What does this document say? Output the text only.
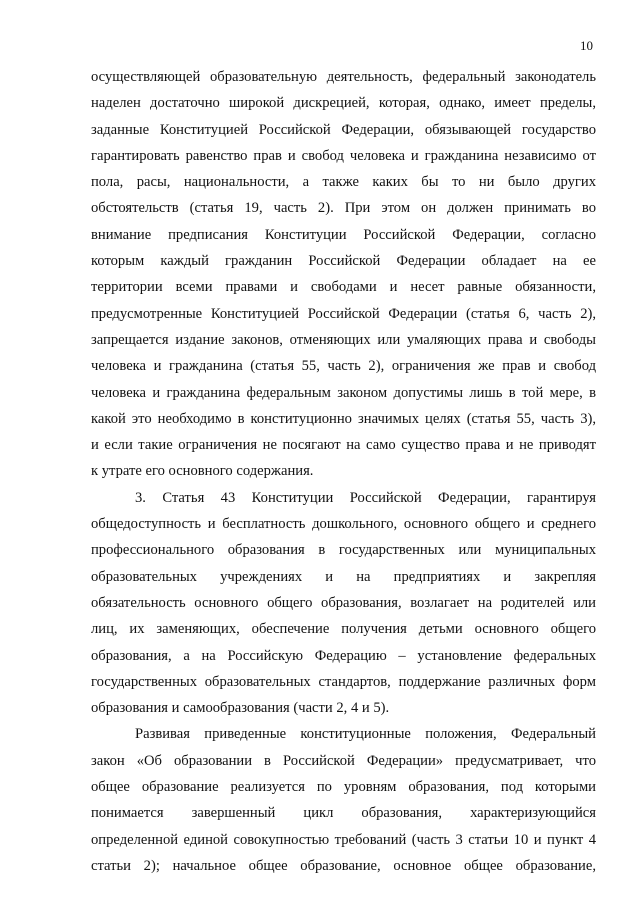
10
осуществляющей образовательную деятельность, федеральный законодатель
наделен достаточно широкой дискрецией, которая, однако, имеет пределы,
заданные Конституцией Российской Федерации, обязывающей государство
гарантировать равенство прав и свобод человека и гражданина независимо от
пола, расы, национальности, а также каких бы то ни было других
обстоятельств (статья 19, часть 2). При этом он должен принимать во
внимание предписания Конституции Российской Федерации, согласно
которым каждый гражданин Российской Федерации обладает на ее
территории всеми правами и свободами и несет равные обязанности,
предусмотренные Конституцией Российской Федерации (статья 6, часть 2),
запрещается издание законов, отменяющих или умаляющих права и свободы
человека и гражданина (статья 55, часть 2), ограничения же прав и свобод
человека и гражданина федеральным законом допустимы лишь в той мере, в
какой это необходимо в конституционно значимых целях (статья 55, часть 3),
и если такие ограничения не посягают на само существо права и не приводят
к утрате его основного содержания.
3. Статья 43 Конституции Российской Федерации, гарантируя
общедоступность и бесплатность дошкольного, основного общего и среднего
профессионального образования в государственных или муниципальных
образовательных учреждениях и на предприятиях и закрепляя
обязательность основного общего образования, возлагает на родителей или
лиц, их заменяющих, обеспечение получения детьми основного общего
образования, а на Российскую Федерацию – установление федеральных
государственных образовательных стандартов, поддержание различных форм
образования и самообразования (части 2, 4 и 5).
Развивая приведенные конституционные положения, Федеральный
закон «Об образовании в Российской Федерации» предусматривает, что
общее образование реализуется по уровням образования, под которыми
понимается завершенный цикл образования, характеризующийся
определенной единой совокупностью требований (часть 3 статьи 10 и пункт 4
статьи 2); начальное общее образование, основное общее образование,
